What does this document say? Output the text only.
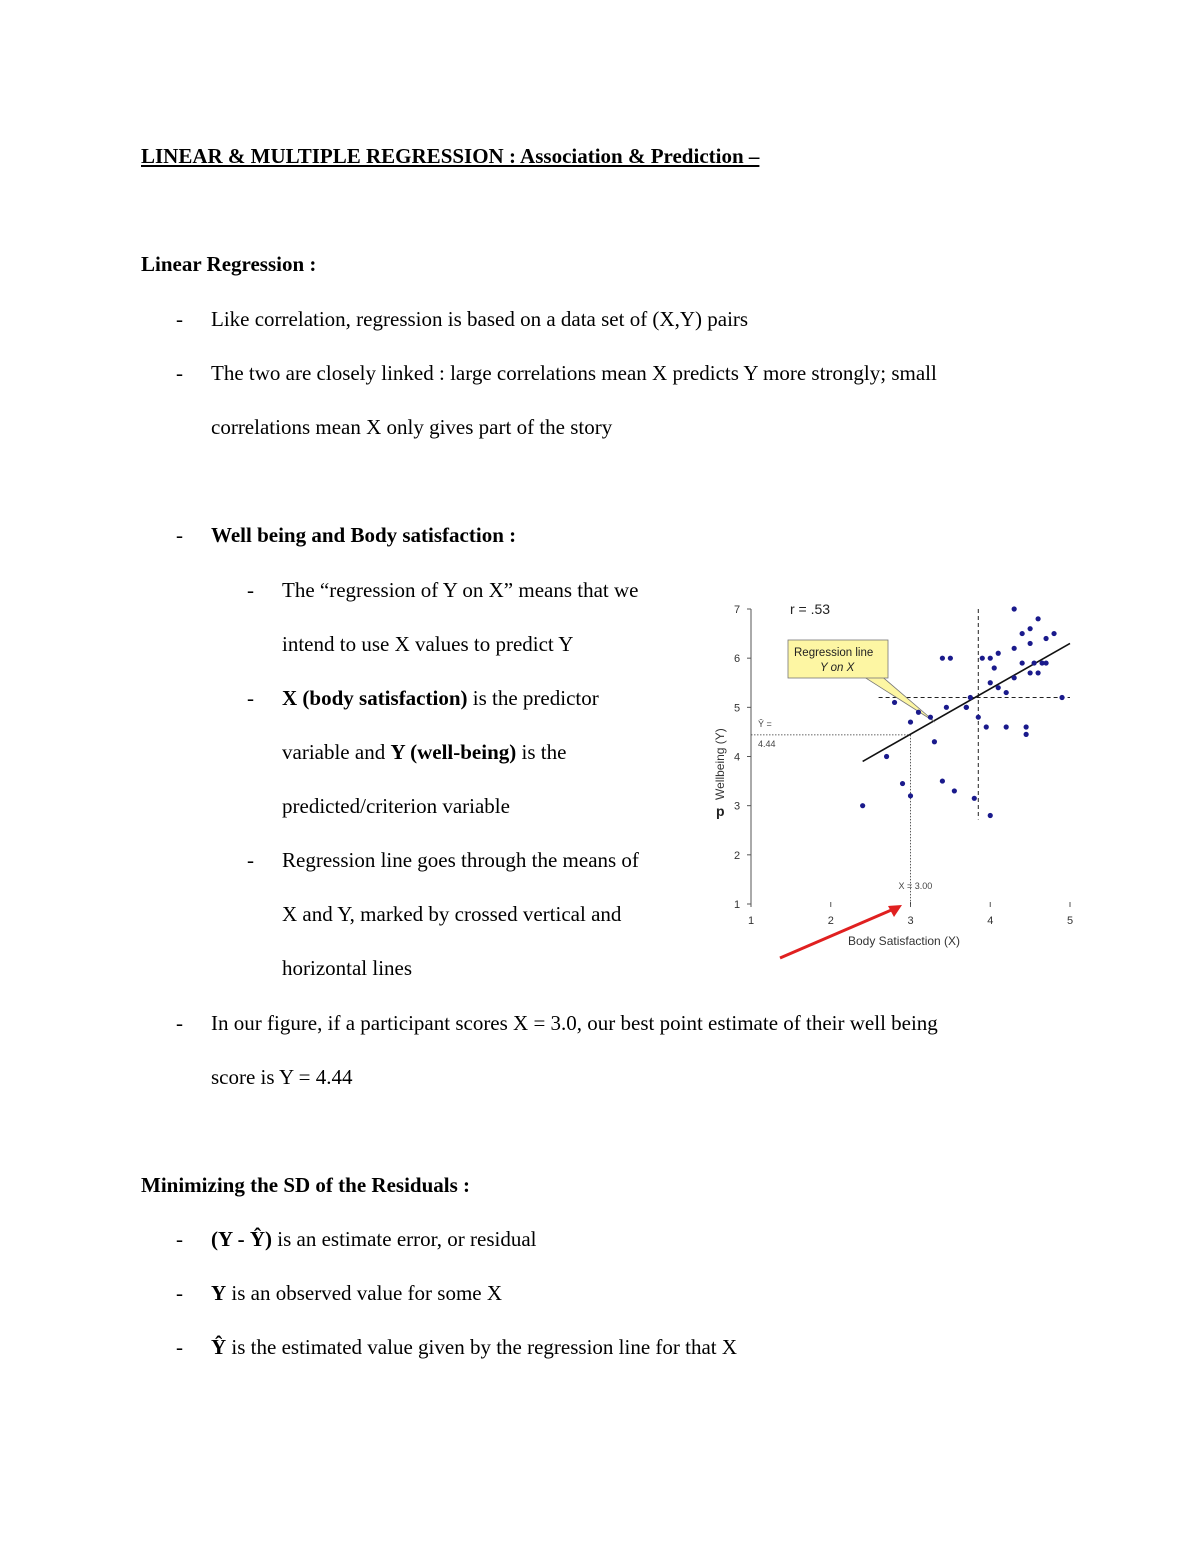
LINEAR & MULTIPLE REGRESSION : Association & Prediction –
Linear Regression :
- Like correlation, regression is based on a data set of (X,Y) pairs
- The two are closely linked : large correlations mean X predicts Y more strongly; small
correlations mean X only gives part of the story
- Well being and Body satisfaction :
- The “regression of Y on X” means that we
intend to use X values to predict Y
- X (body satisfaction) is the predictor
variable and Y (well-being) is the
predicted/criterion variable
- Regression line goes through the means of
X and Y, marked by crossed vertical and
horizontal lines
- In our figure, if a participant scores X = 3.0, our best point estimate of their well being
score is Y = 4.44
Minimizing the SD of the Residuals :
- (Y - Ŷ) is an estimate error, or residual
- Y is an observed value for some X
- Ŷ is the estimated value given by the regression line for that X
1
2
3
4
5
6
7
1	2	3	4	5
Body Satisfaction (X)
Wellbeing (Y)
p
r = .53
Ŷ =
4.44
X = 3.00
Regression line
Y on X
